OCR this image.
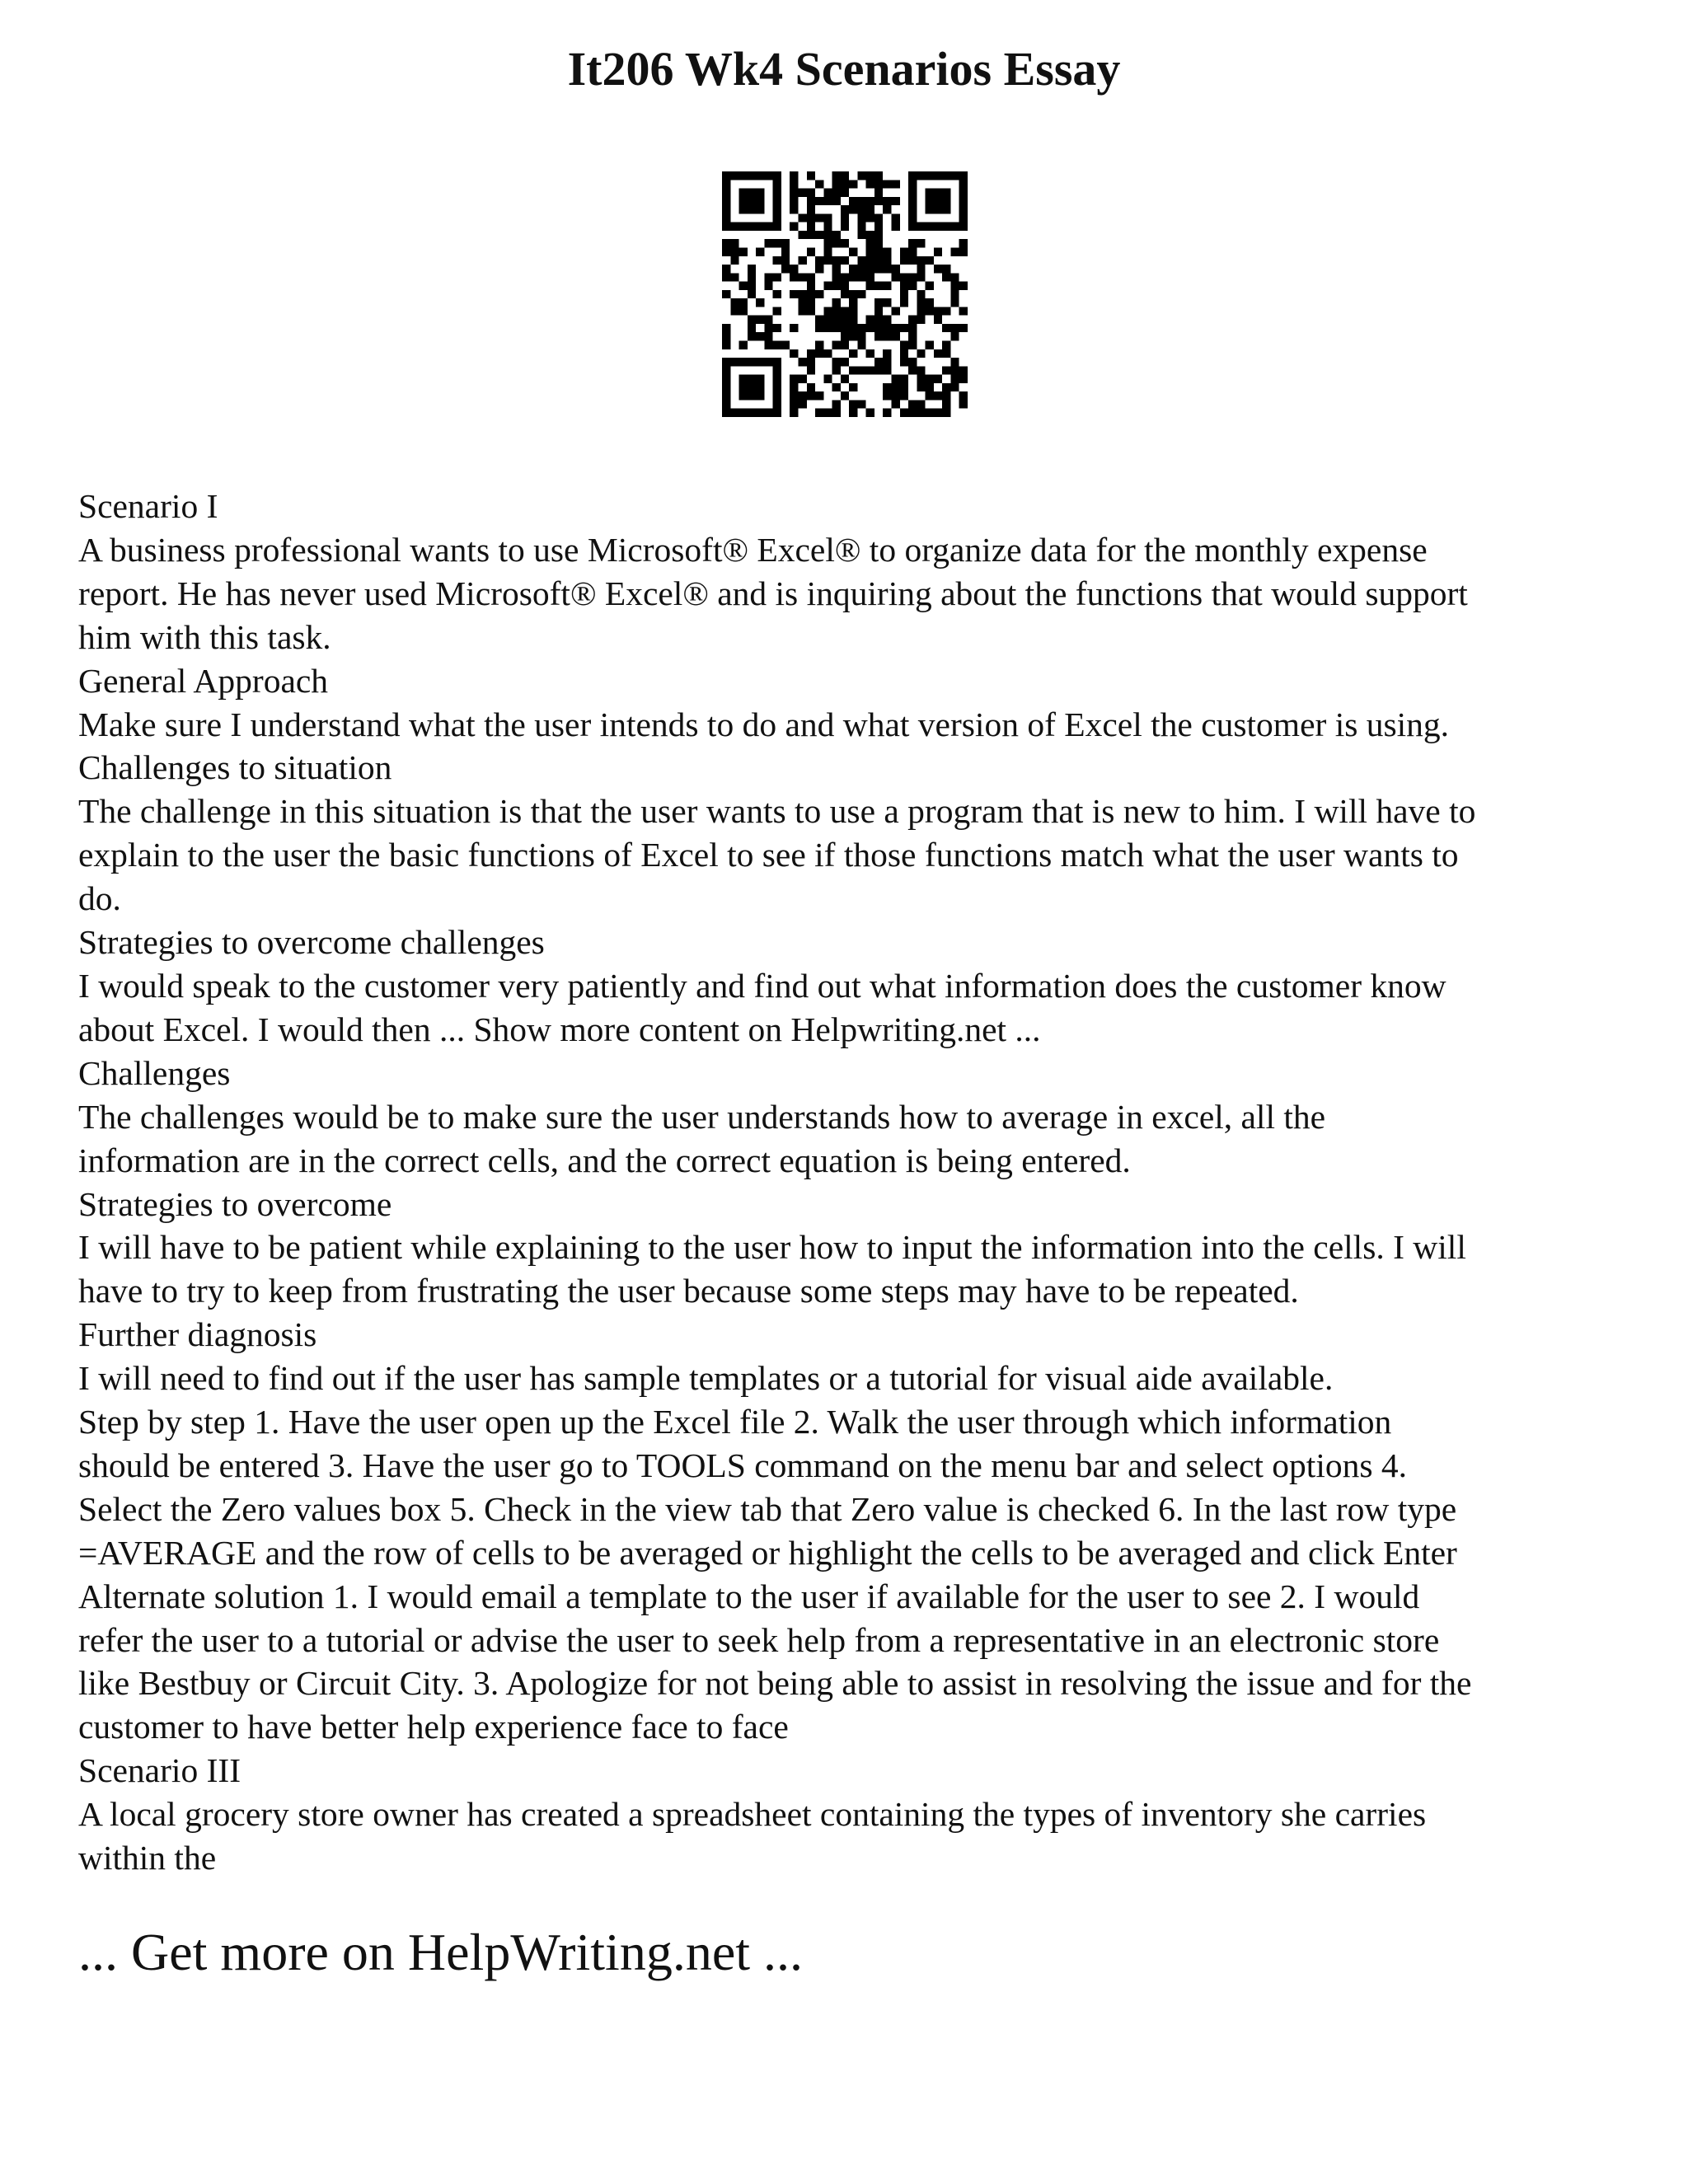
It206 Wk4 Scenarios Essay
Scenario I
A business professional wants to use Microsoft® Excel® to organize data for the monthly expense
report. He has never used Microsoft® Excel® and is inquiring about the functions that would support
him with this task.
General Approach
Make sure I understand what the user intends to do and what version of Excel the customer is using.
Challenges to situation
The challenge in this situation is that the user wants to use a program that is new to him. I will have to
explain to the user the basic functions of Excel to see if those functions match what the user wants to
do.
Strategies to overcome challenges
I would speak to the customer very patiently and find out what information does the customer know
about Excel. I would then ... Show more content on Helpwriting.net ...
Challenges
The challenges would be to make sure the user understands how to average in excel, all the
information are in the correct cells, and the correct equation is being entered.
Strategies to overcome
I will have to be patient while explaining to the user how to input the information into the cells. I will
have to try to keep from frustrating the user because some steps may have to be repeated.
Further diagnosis
I will need to find out if the user has sample templates or a tutorial for visual aide available.
Step by step 1. Have the user open up the Excel file 2. Walk the user through which information
should be entered 3. Have the user go to TOOLS command on the menu bar and select options 4.
Select the Zero values box 5. Check in the view tab that Zero value is checked 6. In the last row type
=AVERAGE and the row of cells to be averaged or highlight the cells to be averaged and click Enter
Alternate solution 1. I would email a template to the user if available for the user to see 2. I would
refer the user to a tutorial or advise the user to seek help from a representative in an electronic store
like Bestbuy or Circuit City. 3. Apologize for not being able to assist in resolving the issue and for the
customer to have better help experience face to face
Scenario III
A local grocery store owner has created a spreadsheet containing the types of inventory she carries
within the
... Get more on HelpWriting.net ...
